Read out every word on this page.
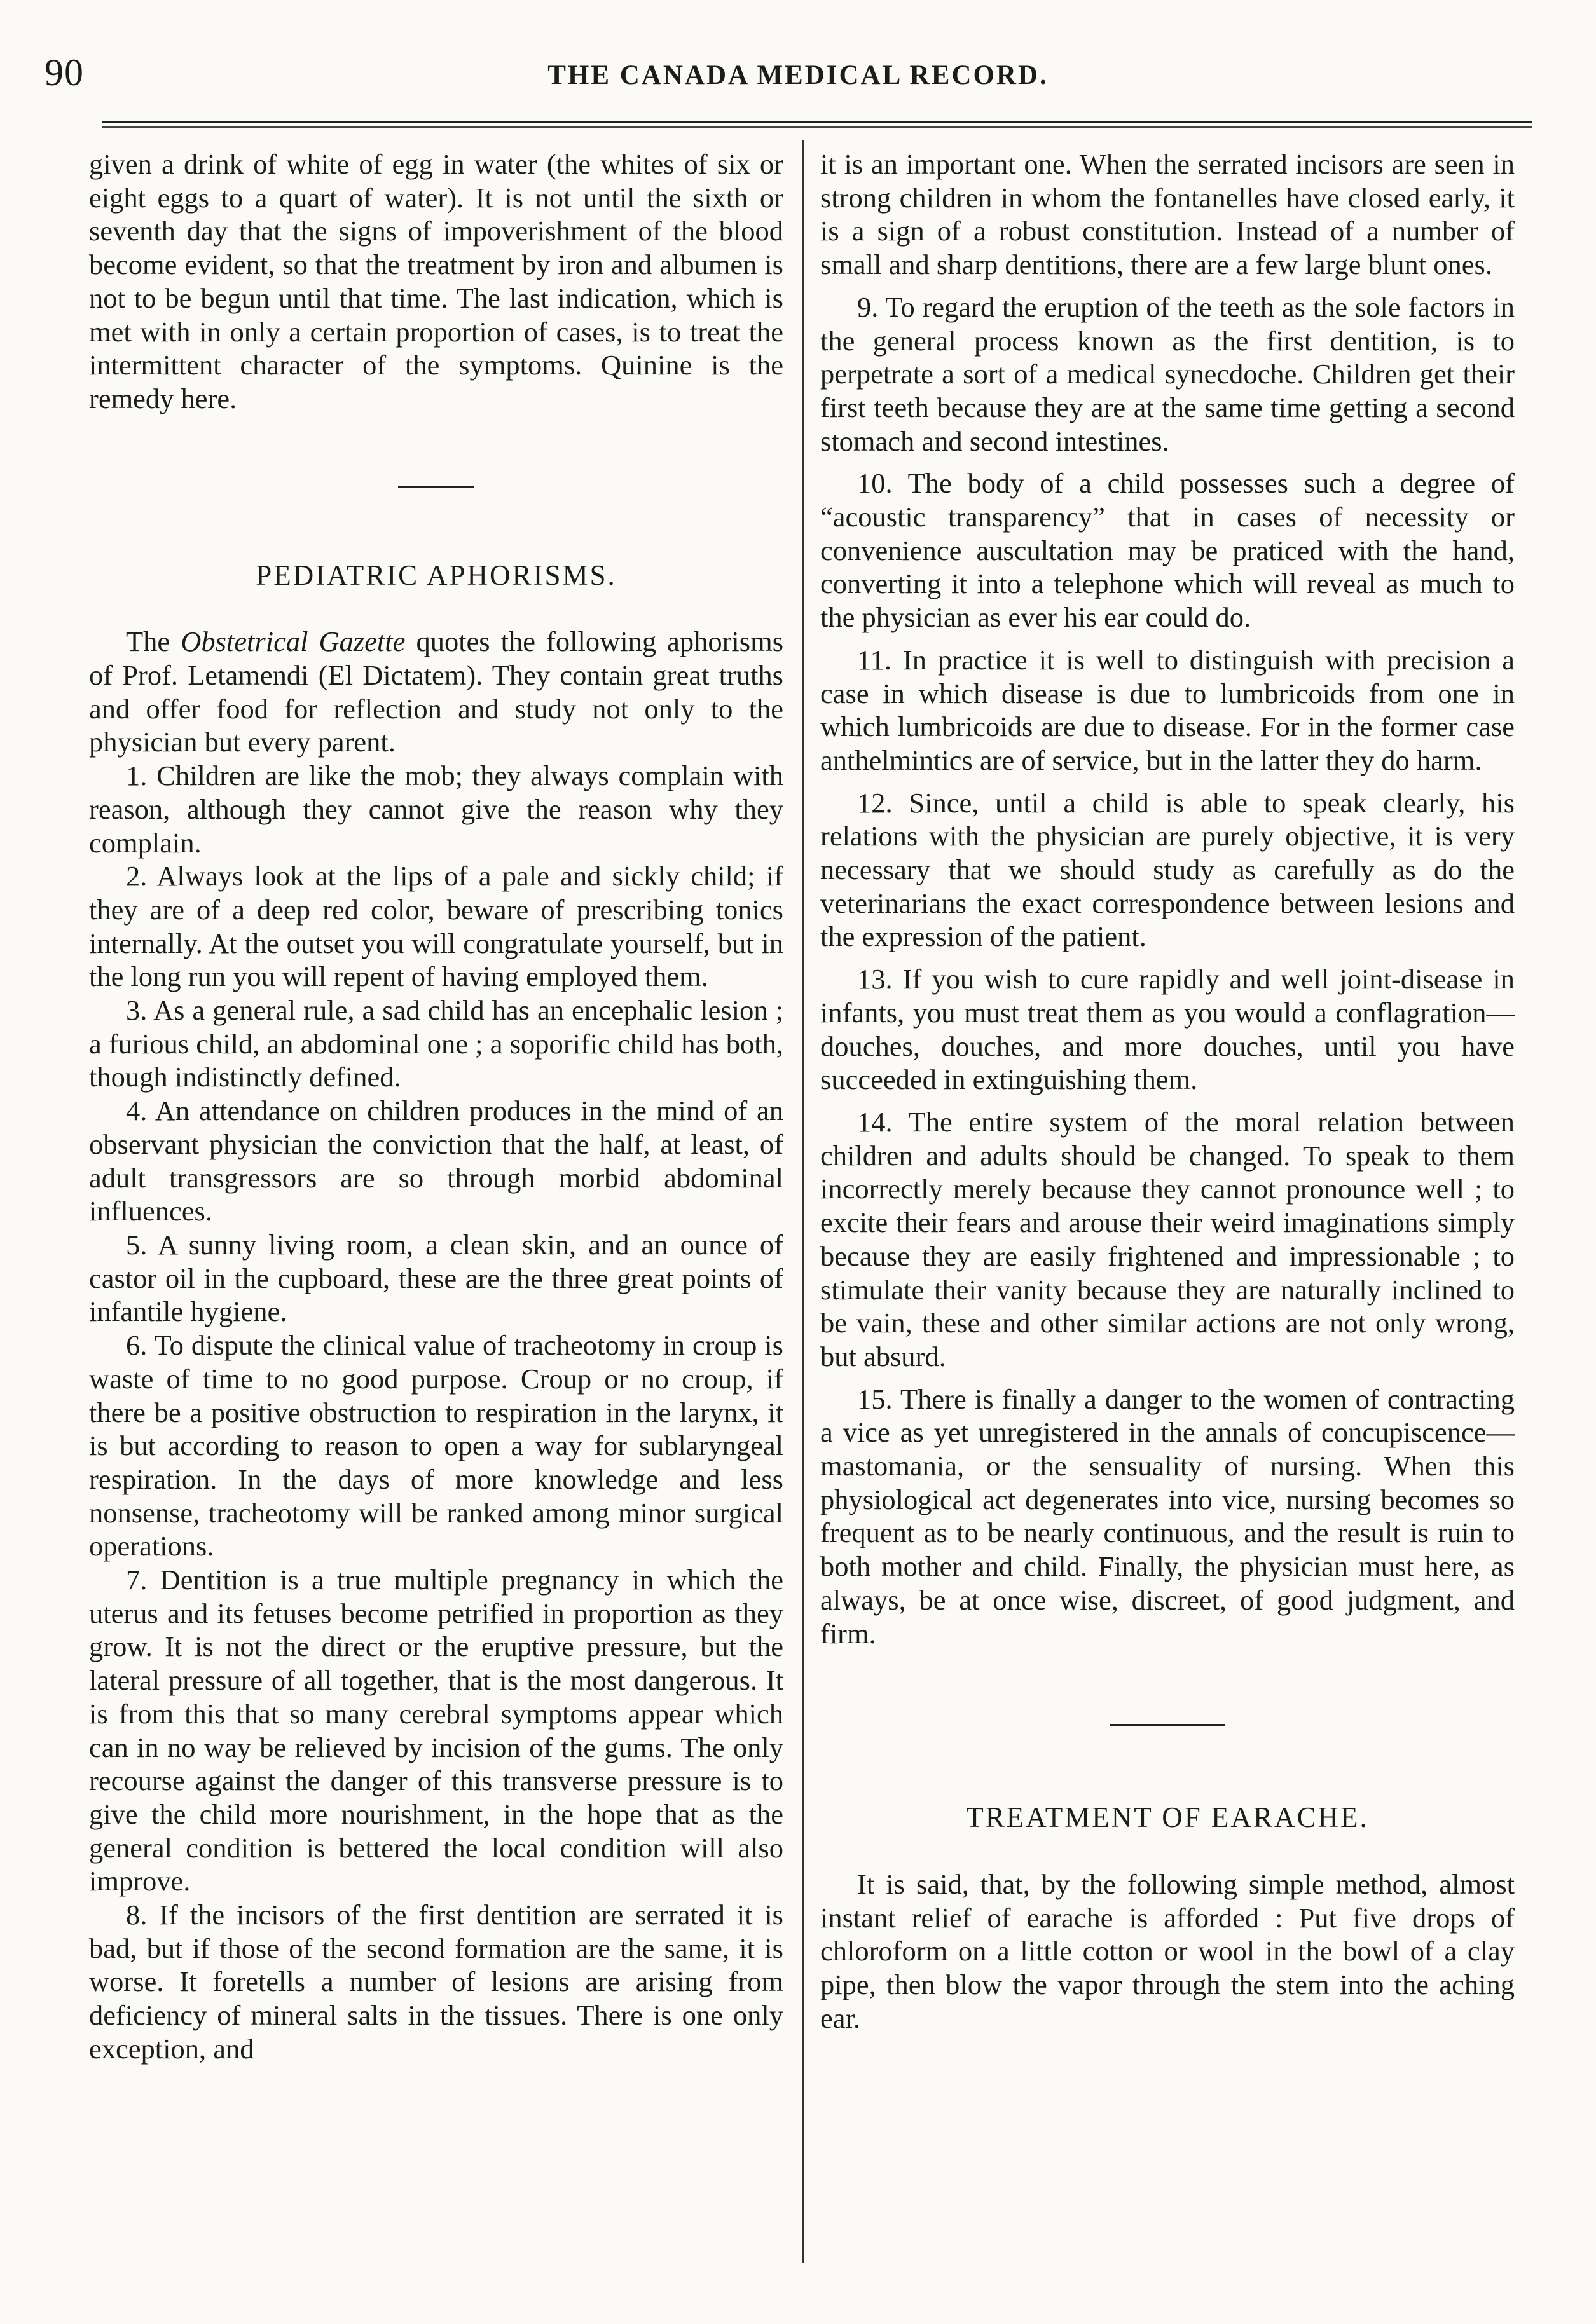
90	THE CANADA MEDICAL RECORD.

given a drink of white of egg in water (the whites of six or eight eggs to a quart of water). It is not until the sixth or seventh day that the signs of impoverishment of the blood become evident, so that the treatment by iron and albumen is not to be begun until that time. The last indication, which is met with in only a certain proportion of cases, is to treat the intermittent character of the symptoms. Quinine is the remedy here.

PEDIATRIC APHORISMS.

The Obstetrical Gazette quotes the following aphorisms of Prof. Letamendi (El Dictatem). They contain great truths and offer food for reflection and study not only to the physician but every parent.

1. Children are like the mob; they always complain with reason, although they cannot give the reason why they complain.

2. Always look at the lips of a pale and sickly child; if they are of a deep red color, beware of prescribing tonics internally. At the outset you will congratulate yourself, but in the long run you will repent of having employed them.

3. As a general rule, a sad child has an encephalic lesion ; a furious child, an abdominal one ; a soporific child has both, though indistinctly defined.

4. An attendance on children produces in the mind of an observant physician the conviction that the half, at least, of adult transgressors are so through morbid abdominal influences.

5. A sunny living room, a clean skin, and an ounce of castor oil in the cupboard, these are the three great points of infantile hygiene.

6. To dispute the clinical value of tracheotomy in croup is waste of time to no good purpose. Croup or no croup, if there be a positive obstruction to respiration in the larynx, it is but according to reason to open a way for sublaryngeal respiration. In the days of more knowledge and less nonsense, tracheotomy will be ranked among minor surgical operations.

7. Dentition is a true multiple pregnancy in which the uterus and its fetuses become petrified in proportion as they grow. It is not the direct or the eruptive pressure, but the lateral pressure of all together, that is the most dangerous. It is from this that so many cerebral symptoms appear which can in no way be relieved by incision of the gums. The only recourse against the danger of this transverse pressure is to give the child more nourishment, in the hope that as the general condition is bettered the local condition will also improve.

8. If the incisors of the first dentition are serrated it is bad, but if those of the second formation are the same, it is worse. It foretells a number of lesions are arising from deficiency of mineral salts in the tissues. There is one only exception, and

it is an important one. When the serrated incisors are seen in strong children in whom the fontanelles have closed early, it is a sign of a robust constitution. Instead of a number of small and sharp dentitions, there are a few large blunt ones.

9. To regard the eruption of the teeth as the sole factors in the general process known as the first dentition, is to perpetrate a sort of a medical synecdoche. Children get their first teeth because they are at the same time getting a second stomach and second intestines.

10. The body of a child possesses such a degree of “acoustic transparency” that in cases of necessity or convenience auscultation may be praticed with the hand, converting it into a telephone which will reveal as much to the physician as ever his ear could do.

11. In practice it is well to distinguish with precision a case in which disease is due to lumbricoids from one in which lumbricoids are due to disease. For in the former case anthelmintics are of service, but in the latter they do harm.

12. Since, until a child is able to speak clearly, his relations with the physician are purely objective, it is very necessary that we should study as carefully as do the veterinarians the exact correspondence between lesions and the expression of the patient.

13. If you wish to cure rapidly and well joint-disease in infants, you must treat them as you would a conflagration—douches, douches, and more douches, until you have succeeded in extinguishing them.

14. The entire system of the moral relation between children and adults should be changed. To speak to them incorrectly merely because they cannot pronounce well ; to excite their fears and arouse their weird imaginations simply because they are easily frightened and impressionable ; to stimulate their vanity because they are naturally inclined to be vain, these and other similar actions are not only wrong, but absurd.

15. There is finally a danger to the women of contracting a vice as yet unregistered in the annals of concupiscence—mastomania, or the sensuality of nursing. When this physiological act degenerates into vice, nursing becomes so frequent as to be nearly continuous, and the result is ruin to both mother and child. Finally, the physician must here, as always, be at once wise, discreet, of good judgment, and firm.

TREATMENT OF EARACHE.

It is said, that, by the following simple method, almost instant relief of earache is afforded : Put five drops of chloroform on a little cotton or wool in the bowl of a clay pipe, then blow the vapor through the stem into the aching ear.
